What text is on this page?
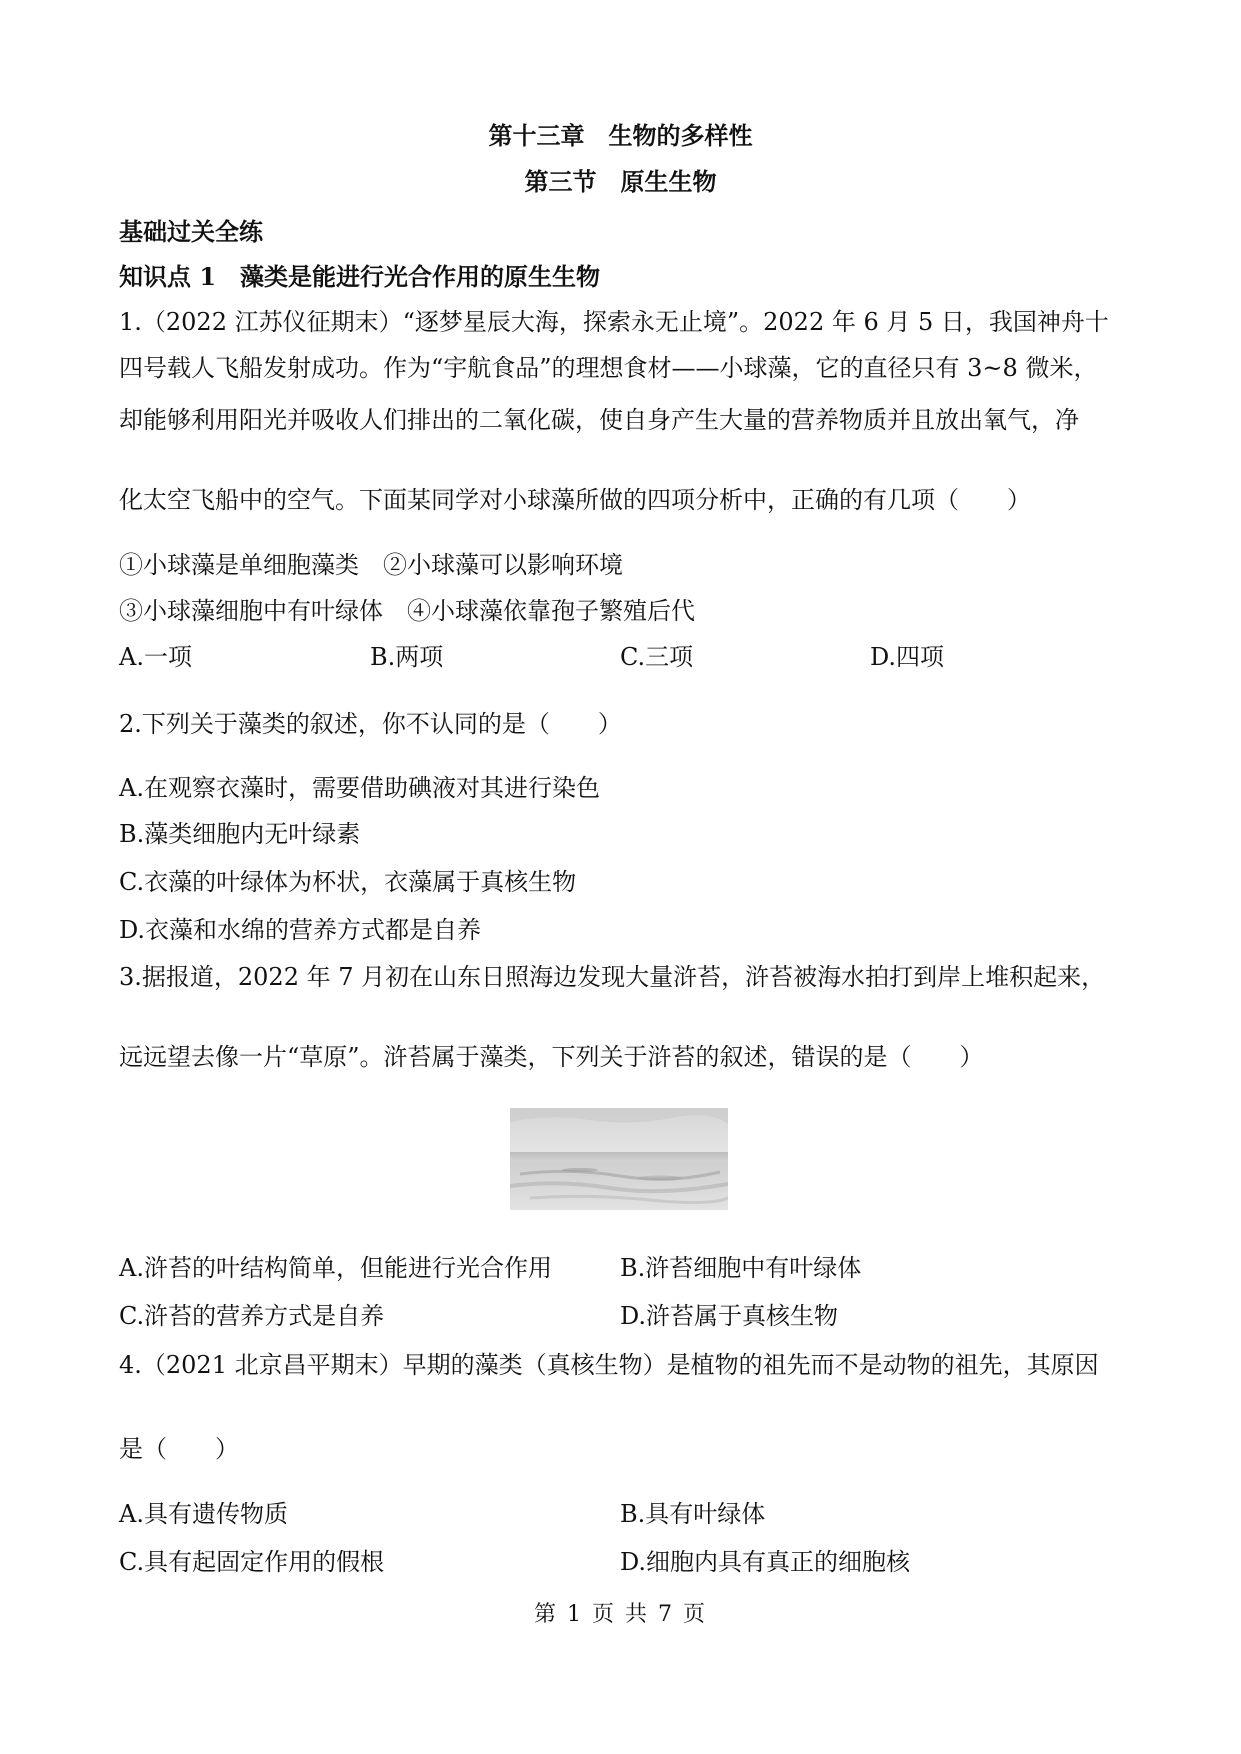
第十三章　生物的多样性
第三节　原生生物
基础过关全练
知识点 1　藻类是能进行光合作用的原生生物
1.（2022 江苏仪征期末）“逐梦星辰大海，探索永无止境”。2022 年 6 月 5 日，我国神舟十
四号载人飞船发射成功。作为“宇航食品”的理想食材——小球藻，它的直径只有 3~8 微米，
却能够利用阳光并吸收人们排出的二氧化碳，使自身产生大量的营养物质并且放出氧气，净
化太空飞船中的空气。下面某同学对小球藻所做的四项分析中，正确的有几项（　　）
①小球藻是单细胞藻类　②小球藻可以影响环境
③小球藻细胞中有叶绿体　④小球藻依靠孢子繁殖后代
A.一项	B.两项	C.三项	D.四项
2.下列关于藻类的叙述，你不认同的是（　　）
A.在观察衣藻时，需要借助碘液对其进行染色
B.藻类细胞内无叶绿素
C.衣藻的叶绿体为杯状，衣藻属于真核生物
D.衣藻和水绵的营养方式都是自养
3.据报道，2022 年 7 月初在山东日照海边发现大量浒苔，浒苔被海水拍打到岸上堆积起来，
远远望去像一片“草原”。浒苔属于藻类，下列关于浒苔的叙述，错误的是（　　）
A.浒苔的叶结构简单，但能进行光合作用	B.浒苔细胞中有叶绿体
C.浒苔的营养方式是自养	D.浒苔属于真核生物
4.（2021 北京昌平期末）早期的藻类（真核生物）是植物的祖先而不是动物的祖先，其原因
是（　　）
A.具有遗传物质	B.具有叶绿体
C.具有起固定作用的假根	D.细胞内具有真正的细胞核
第 1 页 共 7 页
